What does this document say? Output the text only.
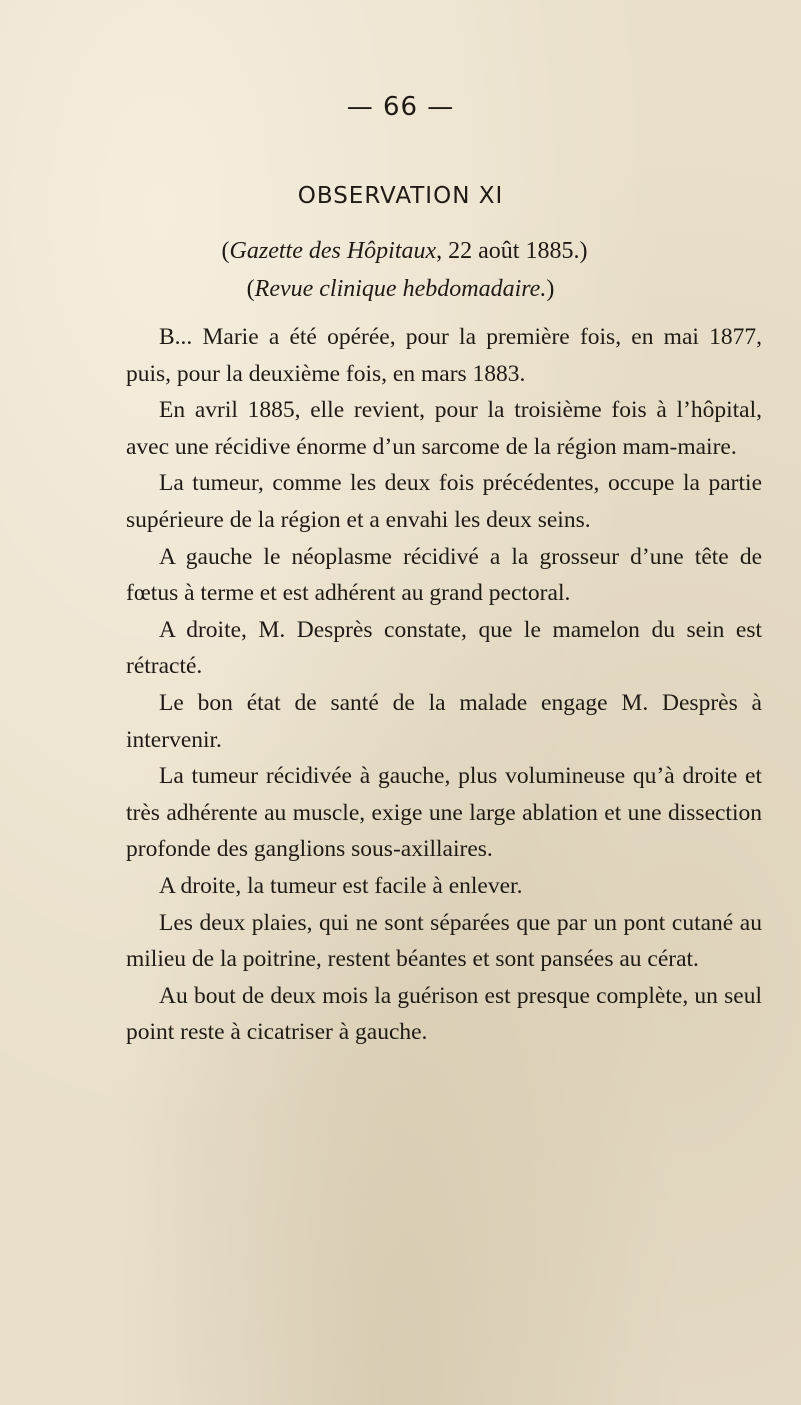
— 66 —
OBSERVATION XI
(Gazette des Hôpitaux, 22 août 1885.)
(Revue clinique hebdomadaire.)

B... Marie a été opérée, pour la première fois, en mai 1877, puis, pour la deuxième fois, en mars 1883.

En avril 1885, elle revient, pour la troisième fois à l’hôpital, avec une récidive énorme d’un sarcome de la région mam-maire.

La tumeur, comme les deux fois précédentes, occupe la partie supérieure de la région et a envahi les deux seins.

A gauche le néoplasme récidivé a la grosseur d’une tête de fœtus à terme et est adhérent au grand pectoral.

A droite, M. Desprès constate, que le mamelon du sein est rétracté.

Le bon état de santé de la malade engage M. Desprès à intervenir.

La tumeur récidivée à gauche, plus volumineuse qu’à droite et très adhérente au muscle, exige une large ablation et une dissection profonde des ganglions sous-axillaires.

A droite, la tumeur est facile à enlever.

Les deux plaies, qui ne sont séparées que par un pont cutané au milieu de la poitrine, restent béantes et sont pansées au cérat.

Au bout de deux mois la guérison est presque complète, un seul point reste à cicatriser à gauche.
